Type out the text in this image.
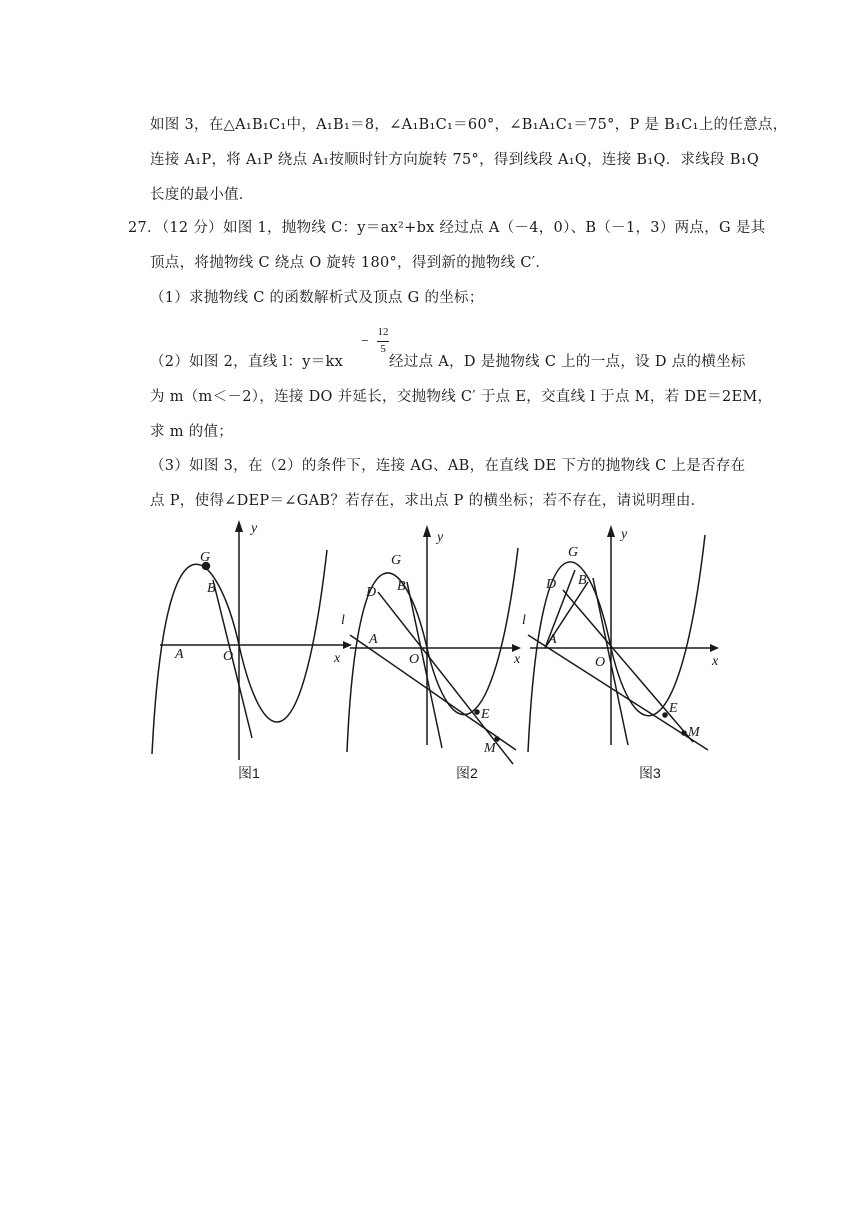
如图 3，在△A₁B₁C₁中，A₁B₁＝8，∠A₁B₁C₁＝60°，∠B₁A₁C₁＝75°，P 是 B₁C₁上的任意点，
连接 A₁P，将 A₁P 绕点 A₁按顺时针方向旋转 75°，得到线段 A₁Q，连接 B₁Q．求线段 B₁Q
长度的最小值．
27．（12 分）如图 1，抛物线 C：y＝ax²+bx 经过点 A（－4，0）、B（－1，3）两点，G 是其
顶点，将抛物线 C 绕点 O 旋转 180°，得到新的抛物线 C′．
（1）求抛物线 C 的函数解析式及顶点 G 的坐标；
（2）如图 2，直线 l：y＝kx
−
12
5
经过点 A，D 是抛物线 C 上的一点，设 D 点的横坐标
为 m（m＜－2），连接 DO 并延长，交抛物线 C′ 于点 E，交直线 l 于点 M，若 DE＝2EM，
求 m 的值；
（3）如图 3，在（2）的条件下，连接 AG、AB，在直线 DE 下方的抛物线 C 上是否存在
点 P，使得∠DEP＝∠GAB？若存在，求出点 P 的横坐标；若不存在，请说明理由．
G
B
A	O	x
y
图1
G
D B
l
A
O	x
y
E
M
图2
G
D B
l
A
O	x
y
E
M
图3
